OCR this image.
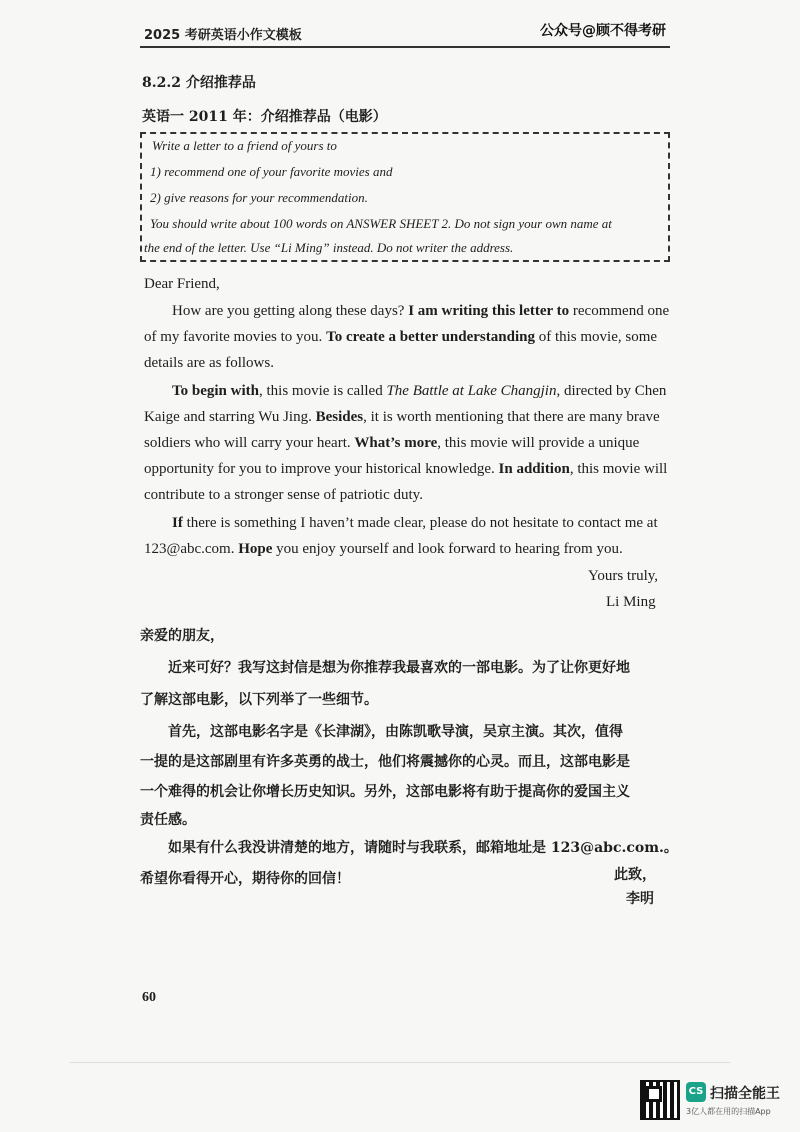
2025 考研英语小作文模板	公众号@顾不得考研
8.2.2 介绍推荐品
英语一 2011 年：介绍推荐品（电影）
Write a letter to a friend of yours to
1) recommend one of your favorite movies and
2) give reasons for your recommendation.
You should write about 100 words on ANSWER SHEET 2. Do not sign your own name at
the end of the letter. Use “Li Ming” instead. Do not writer the address.
Dear Friend,
How are you getting along these days? I am writing this letter to recommend one
of my favorite movies to you. To create a better understanding of this movie, some
details are as follows.
To begin with, this movie is called The Battle at Lake Changjin, directed by Chen
Kaige and starring Wu Jing. Besides, it is worth mentioning that there are many brave
soldiers who will carry your heart. What’s more, this movie will provide a unique
opportunity for you to improve your historical knowledge. In addition, this movie will
contribute to a stronger sense of patriotic duty.
If there is something I haven’t made clear, please do not hesitate to contact me at
123@abc.com. Hope you enjoy yourself and look forward to hearing from you.
Yours truly,
Li Ming
亲爱的朋友，
近来可好？我写这封信是想为你推荐我最喜欢的一部电影。为了让你更好地
了解这部电影，以下列举了一些细节。
首先，这部电影名字是《长津湖》，由陈凯歌导演，吴京主演。其次，值得
一提的是这部剧里有许多英勇的战士，他们将震撼你的心灵。而且，这部电影是
一个难得的机会让你增长历史知识。另外，这部电影将有助于提高你的爱国主义
责任感。
如果有什么我没讲清楚的地方，请随时与我联系，邮箱地址是 123@abc.com.。
希望你看得开心，期待你的回信！	此致，
李明
60
CS 扫描全能王
3亿人都在用的扫描App
